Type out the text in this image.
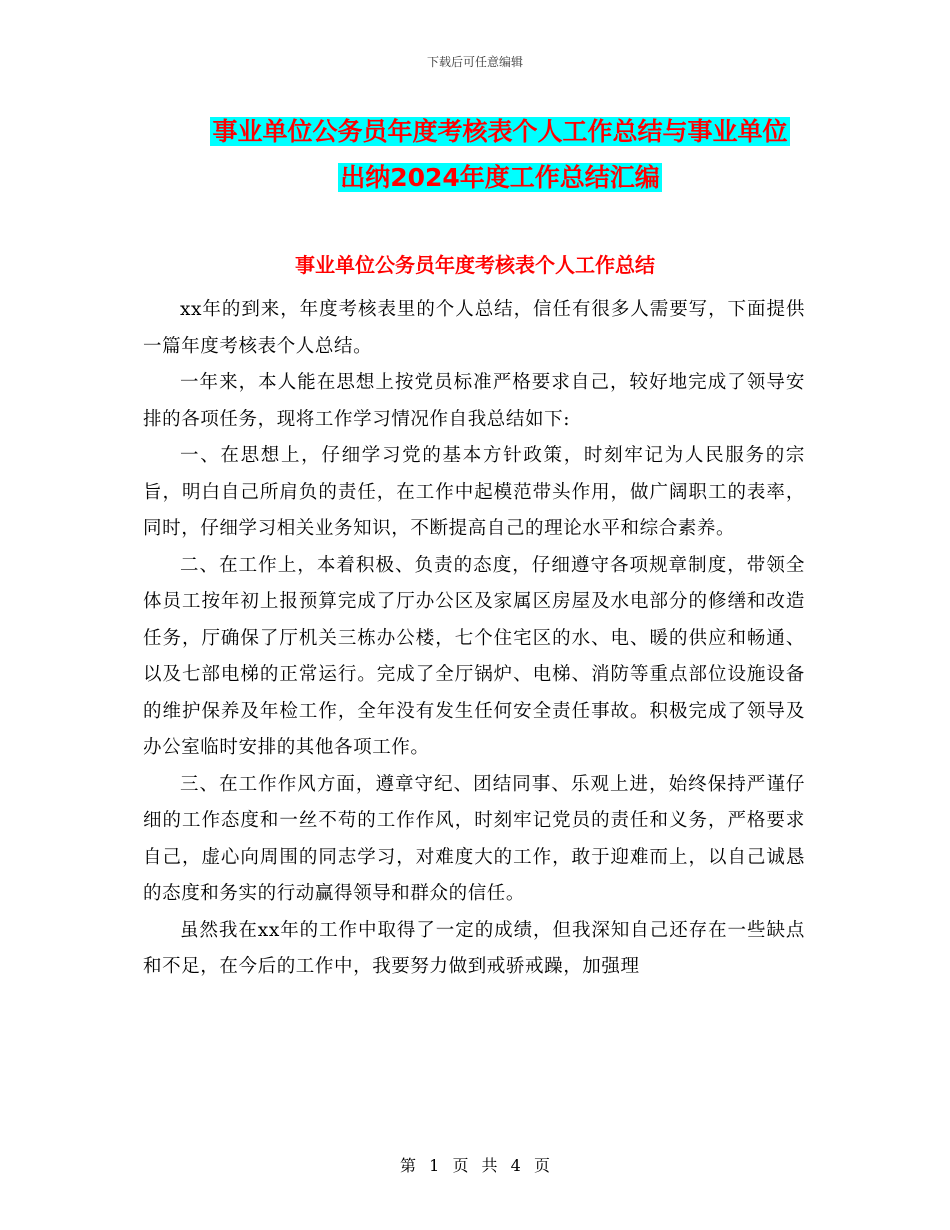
下载后可任意编辑
事业单位公务员年度考核表个人工作总结与事业单位
出纳2024年度工作总结汇编
事业单位公务员年度考核表个人工作总结

xx年的到来，年度考核表里的个人总结，信任有很多人需要写，下面提供一篇年度考核表个人总结。

一年来，本人能在思想上按党员标准严格要求自己，较好地完成了领导安排的各项任务，现将工作学习情况作自我总结如下:

一、在思想上，仔细学习党的基本方针政策，时刻牢记为人民服务的宗旨，明白自己所肩负的责任，在工作中起模范带头作用，做广阔职工的表率，同时，仔细学习相关业务知识，不断提高自己的理论水平和综合素养。

二、在工作上，本着积极、负责的态度，仔细遵守各项规章制度，带领全体员工按年初上报预算完成了厅办公区及家属区房屋及水电部分的修缮和改造任务，厅确保了厅机关三栋办公楼，七个住宅区的水、电、暖的供应和畅通、以及七部电梯的正常运行。完成了全厅锅炉、电梯、消防等重点部位设施设备的维护保养及年检工作，全年没有发生任何安全责任事故。积极完成了领导及办公室临时安排的其他各项工作。

三、在工作作风方面，遵章守纪、团结同事、乐观上进，始终保持严谨仔细的工作态度和一丝不苟的工作作风，时刻牢记党员的责任和义务，严格要求自己，虚心向周围的同志学习，对难度大的工作，敢于迎难而上，以自己诚恳的态度和务实的行动赢得领导和群众的信任。

虽然我在xx年的工作中取得了一定的成绩，但我深知自己还存在一些缺点和不足，在今后的工作中，我要努力做到戒骄戒躁，加强理

第 1 页 共 4 页
